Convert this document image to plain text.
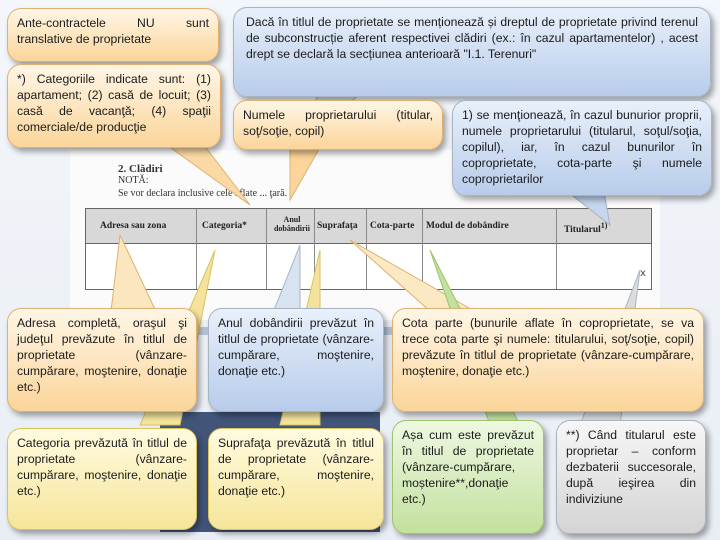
2. Clădiri
NOTĂ:
Se vor declara inclusive cele aflate ... ţară.
Adresa sau zona	Categoria*
Anul dobândirii Suprafaţa Cota-parte Modul de dobândire	Titularul$^{1)}$
x
Ante-contractele NU sunt translative de proprietate
*) Categoriile indicate sunt: (1) apartament; (2) casă de locuit; (3) casă de vacanţă; (4) spaţii comerciale/de producţie
Dacă în titlul de proprietate se menționează și dreptul de proprietate privind terenul de subconstrucție aferent respectivei clădiri (ex.: în cazul apartamentelor) , acest drept se declară la secțiunea anterioară "I.1. Terenuri"
Numele proprietarului (titular, soţ/soţie, copil)
1) se menţionează, în cazul bunurior proprii, numele proprietarului (titularul, soţul/soţia, copilul), iar, în cazul bunurilor în coproprietate, cota-parte şi numele coproprietarilor
Adresa completă, oraşul şi judeţul prevăzute în titlul de proprietate (vânzare-cumpărare, moştenire, donaţie etc.)
Anul dobândirii prevăzut în titlul de proprietate (vânzare-cumpărare, moştenire, donaţie etc.)
Cota parte (bunurile aflate în coproprietate, se va trece cota parte şi numele: titularului, soţ/soţie, copil) prevăzute în titlul de proprietate (vânzare-cumpărare, moştenire, donaţie etc.)
Categoria prevăzută în titlul de proprietate (vânzare-cumpărare, moştenire, donaţie etc.)
Suprafaţa prevăzută în titlul de proprietate (vânzare-cumpărare, moştenire, donaţie etc.)
Așa cum este prevăzut în titlul de proprietate (vânzare-cumpărare, moștenire**,donaţie etc.)
**) Când titularul este proprietar – conform dezbaterii succesorale, după ieşirea din indiviziune
